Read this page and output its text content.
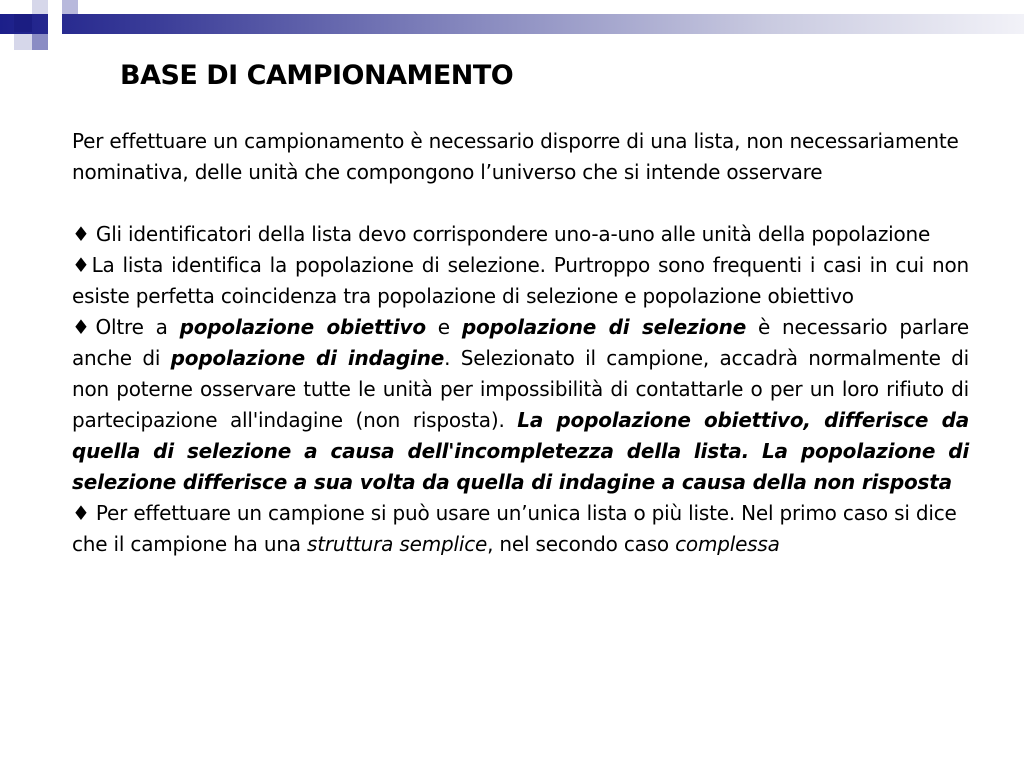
BASE DI CAMPIONAMENTO

Per effettuare un campionamento è necessario disporre di una lista, non necessariamente nominativa, delle unità che compongono l’universo che si intende osservare

♦ Gli identificatori della lista devo corrispondere uno-a-uno alle unità della popolazione

♦La lista identifica la popolazione di selezione. Purtroppo sono frequenti i casi in cui non esiste perfetta coincidenza tra popolazione di selezione e popolazione obiettivo

♦Oltre a popolazione obiettivo e popolazione di selezione è necessario parlare anche di popolazione di indagine. Selezionato il campione, accadrà normalmente di non poterne osservare tutte le unità per impossibilità di contattarle o per un loro rifiuto di partecipazione all'indagine (non risposta). La popolazione obiettivo, differisce da quella di selezione a causa dell'incompletezza della lista. La popolazione di selezione differisce a sua volta da quella di indagine a causa della non risposta

♦ Per effettuare un campione si può usare un’unica lista o più liste. Nel primo caso si dice che il campione ha una struttura semplice, nel secondo caso complessa
